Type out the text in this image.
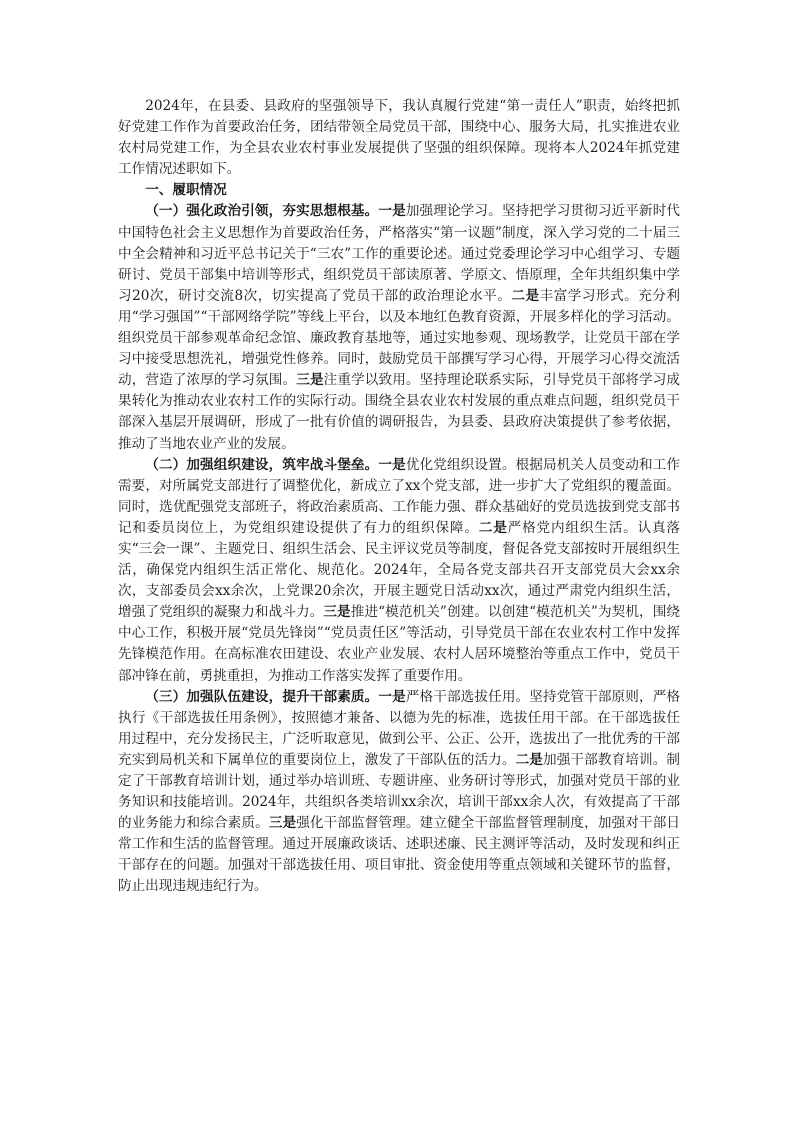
2024年，在县委、县政府的坚强领导下，我认真履行党建“第一责任人”职责，始终把抓好党建工作作为首要政治任务，团结带领全局党员干部，围绕中心、服务大局，扎实推进农业农村局党建工作，为全县农业农村事业发展提供了坚强的组织保障。现将本人2024年抓党建工作情况述职如下。

一、履职情况

（一）强化政治引领，夯实思想根基。一是加强理论学习。坚持把学习贯彻习近平新时代中国特色社会主义思想作为首要政治任务，严格落实“第一议题”制度，深入学习党的二十届三中全会精神和习近平总书记关于“三农”工作的重要论述。通过党委理论学习中心组学习、专题研讨、党员干部集中培训等形式，组织党员干部读原著、学原文、悟原理，全年共组织集中学习20次，研讨交流8次，切实提高了党员干部的政治理论水平。二是丰富学习形式。充分利用“学习强国”“干部网络学院”等线上平台，以及本地红色教育资源，开展多样化的学习活动。组织党员干部参观革命纪念馆、廉政教育基地等，通过实地参观、现场教学，让党员干部在学习中接受思想洗礼，增强党性修养。同时，鼓励党员干部撰写学习心得，开展学习心得交流活动，营造了浓厚的学习氛围。三是注重学以致用。坚持理论联系实际，引导党员干部将学习成果转化为推动农业农村工作的实际行动。围绕全县农业农村发展的重点难点问题，组织党员干部深入基层开展调研，形成了一批有价值的调研报告，为县委、县政府决策提供了参考依据，推动了当地农业产业的发展。

（二）加强组织建设，筑牢战斗堡垒。一是优化党组织设置。根据局机关人员变动和工作需要，对所属党支部进行了调整优化，新成立了xx个党支部，进一步扩大了党组织的覆盖面。同时，选优配强党支部班子，将政治素质高、工作能力强、群众基础好的党员选拔到党支部书记和委员岗位上，为党组织建设提供了有力的组织保障。二是严格党内组织生活。认真落实“三会一课”、主题党日、组织生活会、民主评议党员等制度，督促各党支部按时开展组织生活，确保党内组织生活正常化、规范化。2024年，全局各党支部共召开支部党员大会xx余次，支部委员会xx余次，上党课20余次，开展主题党日活动xx次，通过严肃党内组织生活，增强了党组织的凝聚力和战斗力。三是推进“模范机关”创建。以创建“模范机关”为契机，围绕中心工作，积极开展“党员先锋岗”“党员责任区”等活动，引导党员干部在农业农村工作中发挥先锋模范作用。在高标准农田建设、农业产业发展、农村人居环境整治等重点工作中，党员干部冲锋在前，勇挑重担，为推动工作落实发挥了重要作用。

（三）加强队伍建设，提升干部素质。一是严格干部选拔任用。坚持党管干部原则，严格执行《干部选拔任用条例》，按照德才兼备、以德为先的标准，选拔任用干部。在干部选拔任用过程中，充分发扬民主，广泛听取意见，做到公平、公正、公开，选拔出了一批优秀的干部充实到局机关和下属单位的重要岗位上，激发了干部队伍的活力。二是加强干部教育培训。制定了干部教育培训计划，通过举办培训班、专题讲座、业务研讨等形式，加强对党员干部的业务知识和技能培训。2024年，共组织各类培训xx余次，培训干部xx余人次，有效提高了干部的业务能力和综合素质。三是强化干部监督管理。建立健全干部监督管理制度，加强对干部日常工作和生活的监督管理。通过开展廉政谈话、述职述廉、民主测评等活动，及时发现和纠正干部存在的问题。加强对干部选拔任用、项目审批、资金使用等重点领域和关键环节的监督，防止出现违规违纪行为。
